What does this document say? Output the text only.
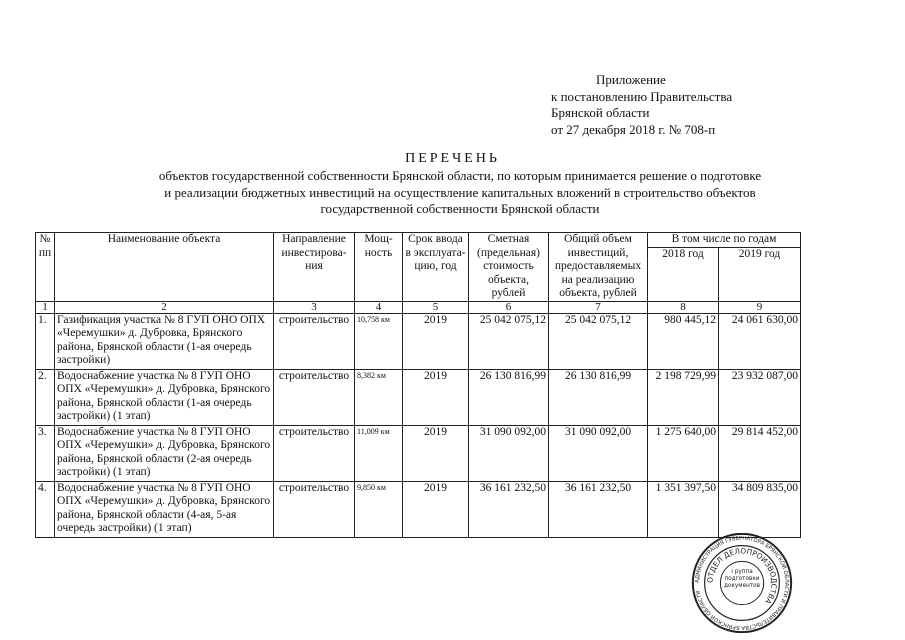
Приложение
к постановлению Правительства
Брянской области
от 27 декабря 2018 г. № 708-п
ПЕРЕЧЕНЬ
объектов государственной собственности Брянской области, по которым принимается решение о подготовке
и реализации бюджетных инвестиций на осуществление капитальных вложений в строительство объектов
государственной собственности Брянской области
№ пп	Наименование объекта	Направление инвестирова-ния	Мощ-ность	Срок ввода в эксплуата-цию, год	Сметная (предельная) стоимость объекта, рублей	Общий объем инвестиций, предоставляемых на реализацию объекта, рублей	В том числе по годам	
							2018 год	2019 год
1	2	3	4	5	6	7	8	9
1.	Газификация участка № 8 ГУП ОНО ОПХ «Черемушки» д. Дубровка, Брянского района, Брянской области (1-ая очередь застройки)	строительство	10,758 км	2019	25 042 075,12	25 042 075,12	980 445,12	24 061 630,00
2.	Водоснабжение участка № 8 ГУП ОНО ОПХ «Черемушки» д. Дубровка, Брянского района, Брянской области (1-ая очередь застройки) (1 этап)	строительство	8,382 км	2019	26 130 816,99	26 130 816,99	2 198 729,99	23 932 087,00
3.	Водоснабжение участка № 8 ГУП ОНО ОПХ «Черемушки» д. Дубровка, Брянского района, Брянской области (2-ая очередь застройки) (1 этап)	строительство	11,009 км	2019	31 090 092,00	31 090 092,00	1 275 640,00	29 814 452,00
4.	Водоснабжение участка № 8 ГУП ОНО ОПХ «Черемушки» д. Дубровка, Брянского района, Брянской области (4-ая, 5-ая очередь застройки) (1 этап)	строительство	9,850 км	2019	36 161 232,50	36 161 232,50	1 351 397,50	34 809 835,00
АДМИНИСТРАЦИЯ ГУБЕРНАТОРА БРЯНСКОЙ ОБЛАСТИ И ПРАВИТЕЛЬСТВА БРЯНСКОЙ ОБЛАСТИ
ОТДЕЛ ДЕЛОПРОИЗВОДСТВА
Группа подготовки документов
